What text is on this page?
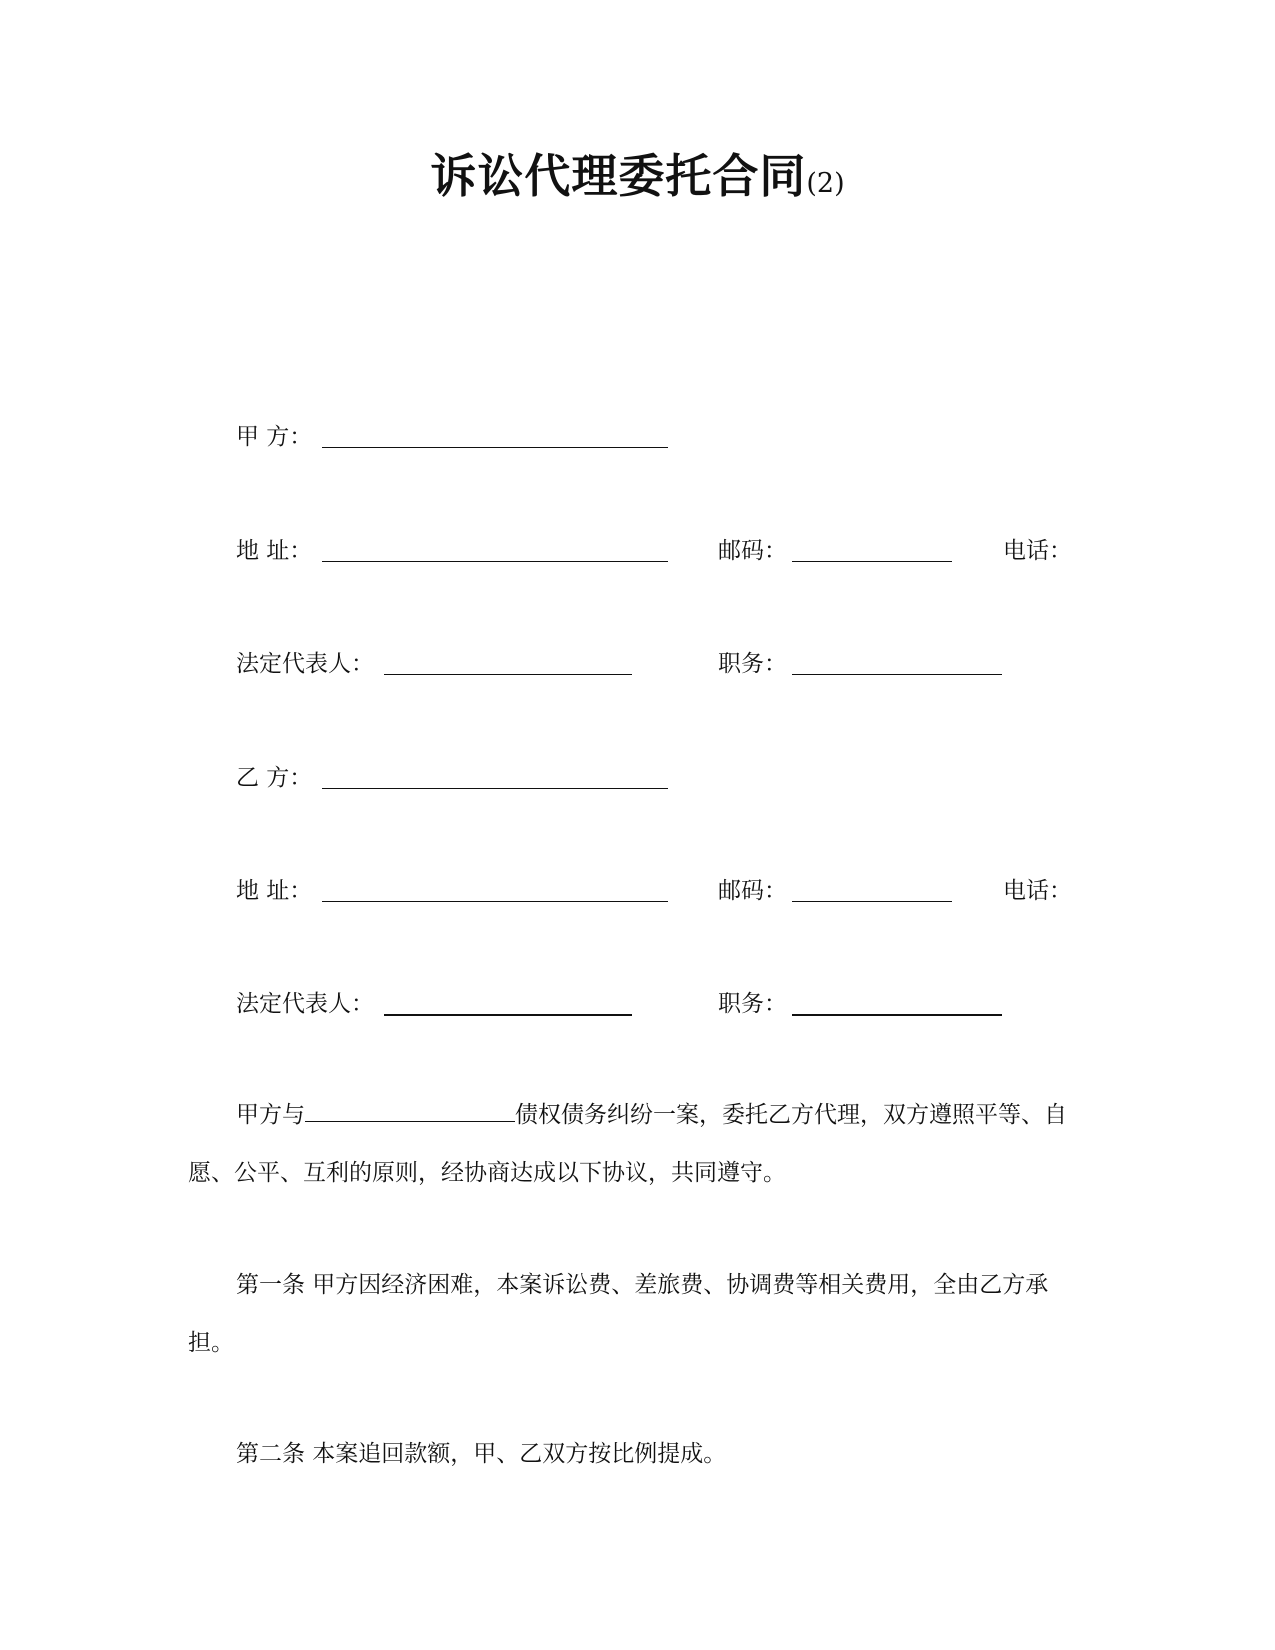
诉讼代理委托合同(2)
甲 方：
地 址：	邮码：	电话：
法定代表人：	职务：
乙 方：
地 址：	邮码：	电话：
法定代表人：	职务：
甲方与	债权债务纠纷一案，委托乙方代理，双方遵照平等、自愿、公平、互利的原则，经协商达成以下协议，共同遵守。
第一条 甲方因经济困难，本案诉讼费、差旅费、协调费等相关费用，全由乙方承担。
第二条 本案追回款额，甲、乙双方按比例提成。
